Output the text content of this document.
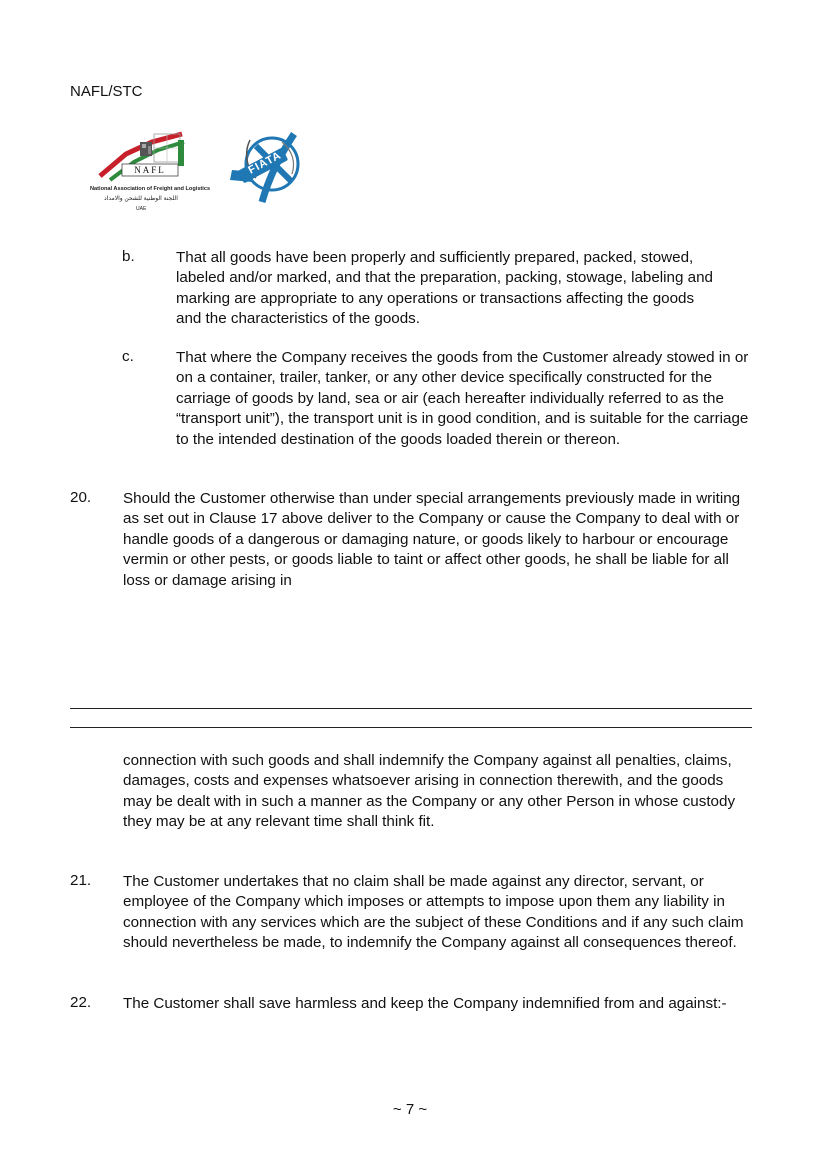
NAFL/STC
NAFL
National Association of Freight and Logistics
اللجنة الوطنية للشحن والامداد
UAE
FIATA
b.	That all goods have been properly and sufficiently prepared, packed, stowed, labeled and/or marked, and that the preparation, packing, stowage, labeling and marking are appropriate to any operations or transactions affecting the goods and the characteristics of the goods.
c.	That where the Company receives the goods from the Customer already stowed in or on a container, trailer, tanker, or any other device specifically constructed for the carriage of goods by land, sea or air (each hereafter individually referred to as the “transport unit”), the transport unit is in good condition, and is suitable for the carriage to the intended destination of the goods loaded therein or thereon.
20. Should the Customer otherwise than under special arrangements previously made in writing as set out in Clause 17 above deliver to the Company or cause the Company to deal with or handle goods of a dangerous or damaging nature, or goods likely to harbour or encourage vermin or other pests, or goods liable to taint or affect other goods, he shall be liable for all loss or damage arising in
connection with such goods and shall indemnify the Company against all penalties, claims, damages, costs and expenses whatsoever arising in connection therewith, and the goods may be dealt with in such a manner as the Company or any other Person in whose custody they may be at any relevant time shall think fit.
21. The Customer undertakes that no claim shall be made against any director, servant, or employee of the Company which imposes or attempts to impose upon them any liability in connection with any services which are the subject of these Conditions and if any such claim should nevertheless be made, to indemnify the Company against all consequences thereof.
22. The Customer shall save harmless and keep the Company indemnified from and against:-
~ 7 ~
